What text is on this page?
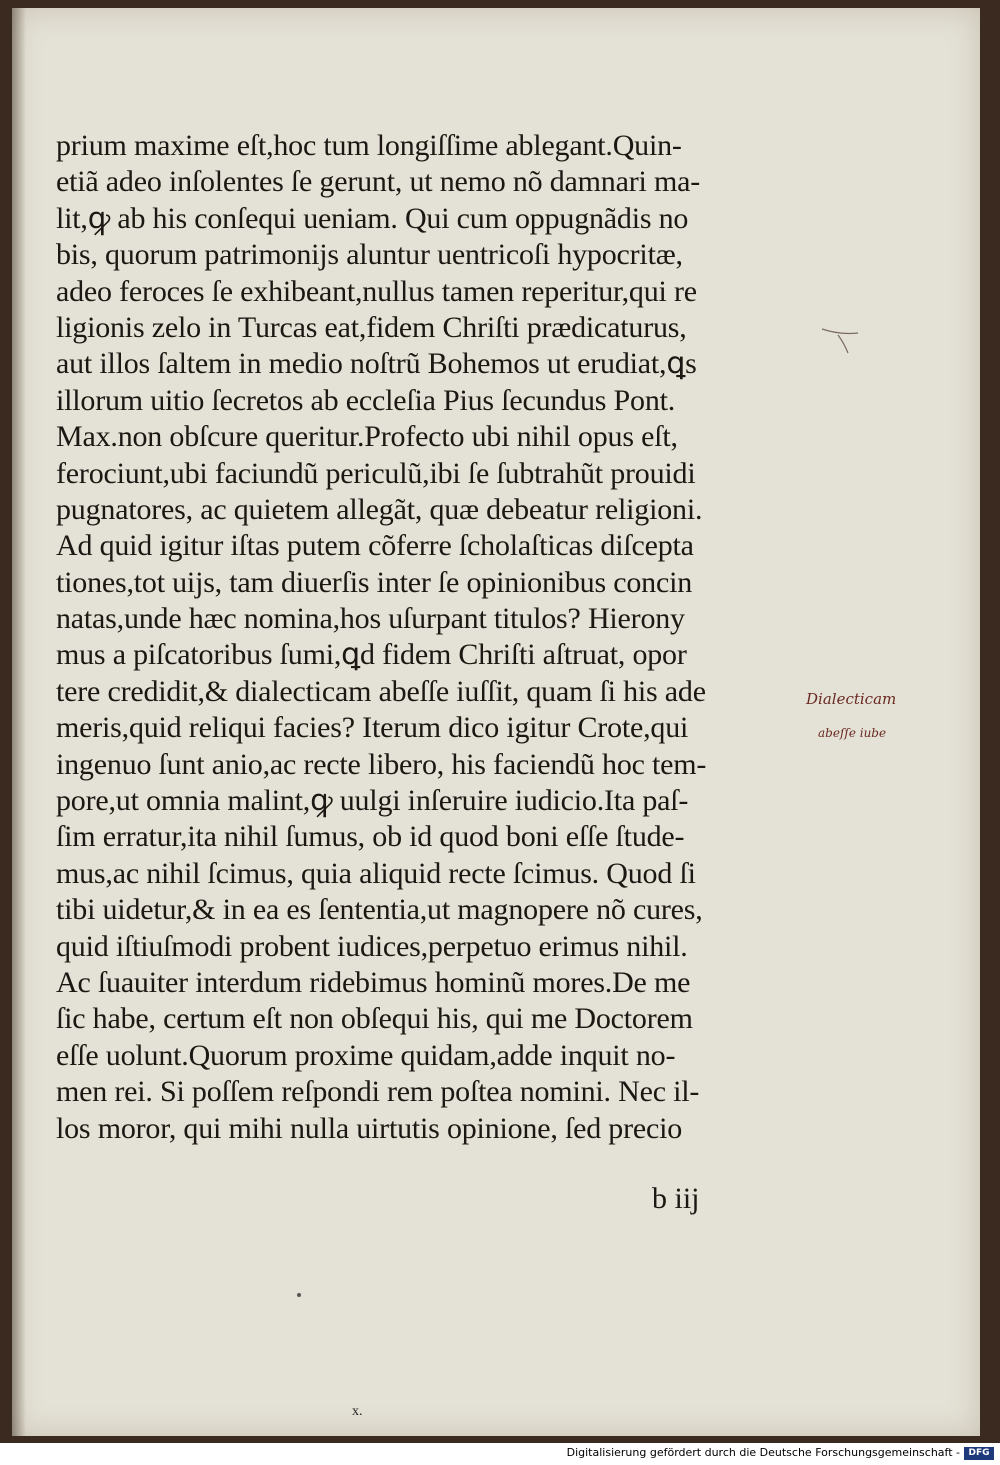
prium maxime eſt,hoc tum longiſſime ablegant.Quin-
etiã adeo inſolentes ſe gerunt, ut nemo nõ damnari ma-
lit,ꝙ ab his conſequi ueniam. Qui cum oppugnãdis no
bis, quorum patrimonijs aluntur uentricoſi hypocritæ,
adeo feroces ſe exhibeant,nullus tamen reperitur,qui re
ligionis zelo in Turcas eat,fidem Chriſti prædicaturus,
aut illos ſaltem in medio noſtrũ Bohemos ut erudiat,ꝗs
illorum uitio ſecretos ab eccleſia Pius ſecundus Pont.
Max.non obſcure queritur.Profecto ubi nihil opus eſt,
ferociunt,ubi faciundũ periculũ,ibi ſe ſubtrahũt prouidi
pugnatores, ac quietem allegãt, quæ debeatur religioni.
Ad quid igitur iſtas putem cõferre ſcholaſticas diſcepta
tiones,tot uijs, tam diuerſis inter ſe opinionibus concin
natas,unde hæc nomina,hos uſurpant titulos? Hierony
mus a piſcatoribus ſumi,ꝗd fidem Chriſti aſtruat, opor
tere credidit,& dialecticam abeſſe iuſſit, quam ſi his ade
meris,quid reliqui facies? Iterum dico igitur Crote,qui
ingenuo ſunt anio,ac recte libero, his faciendũ hoc tem-
pore,ut omnia malint,ꝙ uulgi inſeruire iudicio.Ita paſ-
ſim erratur,ita nihil ſumus, ob id quod boni eſſe ſtude-
mus,ac nihil ſcimus, quia aliquid recte ſcimus. Quod ſi
tibi uidetur,& in ea es ſententia,ut magnopere nõ cures,
quid iſtiuſmodi probent iudices,perpetuo erimus nihil.
Ac ſuauiter interdum ridebimus hominũ mores.De me
ſic habe, certum eſt non obſequi his, qui me Doctorem
eſſe uolunt.Quorum proxime quidam,adde inquit no-
men rei. Si poſſem reſpondi rem poſtea nomini. Nec il-
los moror, qui mihi nulla uirtutis opinione, ſed precio
b iij
Dialecticam
abeſſe iube
x.
Digitalisierung gefördert durch die Deutsche Forschungsgemeinschaft - DFG
